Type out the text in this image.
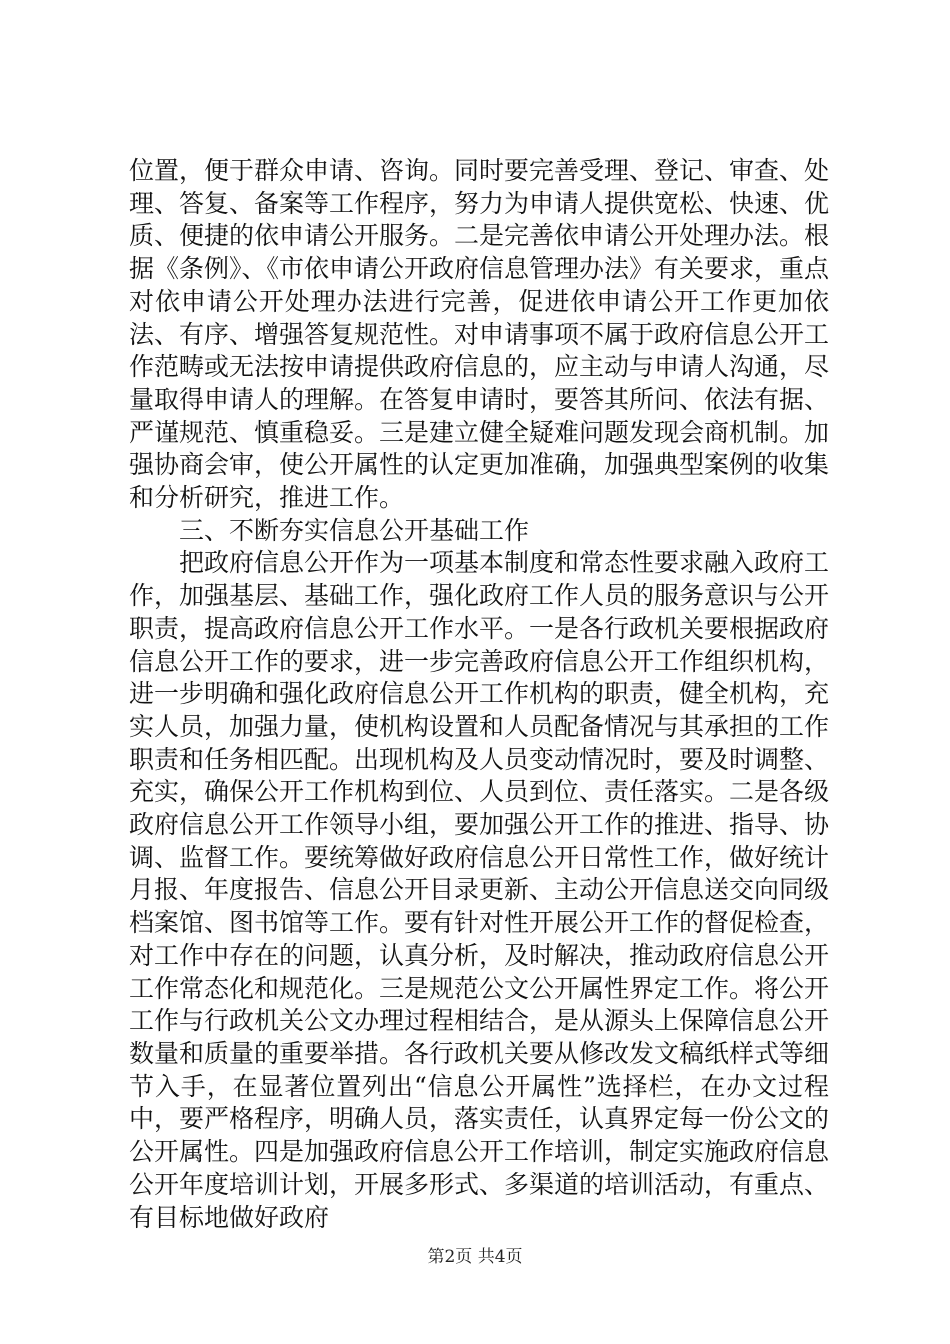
位置，便于群众申请、咨询。同时要完善受理、登记、审查、处理、答复、备案等工作程序，努力为申请人提供宽松、快速、优质、便捷的依申请公开服务。二是完善依申请公开处理办法。根据《条例》、《市依申请公开政府信息管理办法》有关要求，重点对依申请公开处理办法进行完善，促进依申请公开工作更加依法、有序、增强答复规范性。对申请事项不属于政府信息公开工作范畴或无法按申请提供政府信息的，应主动与申请人沟通，尽量取得申请人的理解。在答复申请时，要答其所问、依法有据、严谨规范、慎重稳妥。三是建立健全疑难问题发现会商机制。加强协商会审，使公开属性的认定更加准确，加强典型案例的收集和分析研究，推进工作。

三、不断夯实信息公开基础工作

把政府信息公开作为一项基本制度和常态性要求融入政府工作，加强基层、基础工作，强化政府工作人员的服务意识与公开职责，提高政府信息公开工作水平。一是各行政机关要根据政府信息公开工作的要求，进一步完善政府信息公开工作组织机构，进一步明确和强化政府信息公开工作机构的职责，健全机构，充实人员，加强力量，使机构设置和人员配备情况与其承担的工作职责和任务相匹配。出现机构及人员变动情况时，要及时调整、充实，确保公开工作机构到位、人员到位、责任落实。二是各级政府信息公开工作领导小组，要加强公开工作的推进、指导、协调、监督工作。要统筹做好政府信息公开日常性工作，做好统计月报、年度报告、信息公开目录更新、主动公开信息送交向同级档案馆、图书馆等工作。要有针对性开展公开工作的督促检查，对工作中存在的问题，认真分析，及时解决，推动政府信息公开工作常态化和规范化。三是规范公文公开属性界定工作。将公开工作与行政机关公文办理过程相结合，是从源头上保障信息公开数量和质量的重要举措。各行政机关要从修改发文稿纸样式等细节入手，在显著位置列出“信息公开属性”选择栏，在办文过程中，要严格程序，明确人员，落实责任，认真界定每一份公文的公开属性。四是加强政府信息公开工作培训，制定实施政府信息公开年度培训计划，开展多形式、多渠道的培训活动，有重点、有目标地做好政府

第2页 共4页
